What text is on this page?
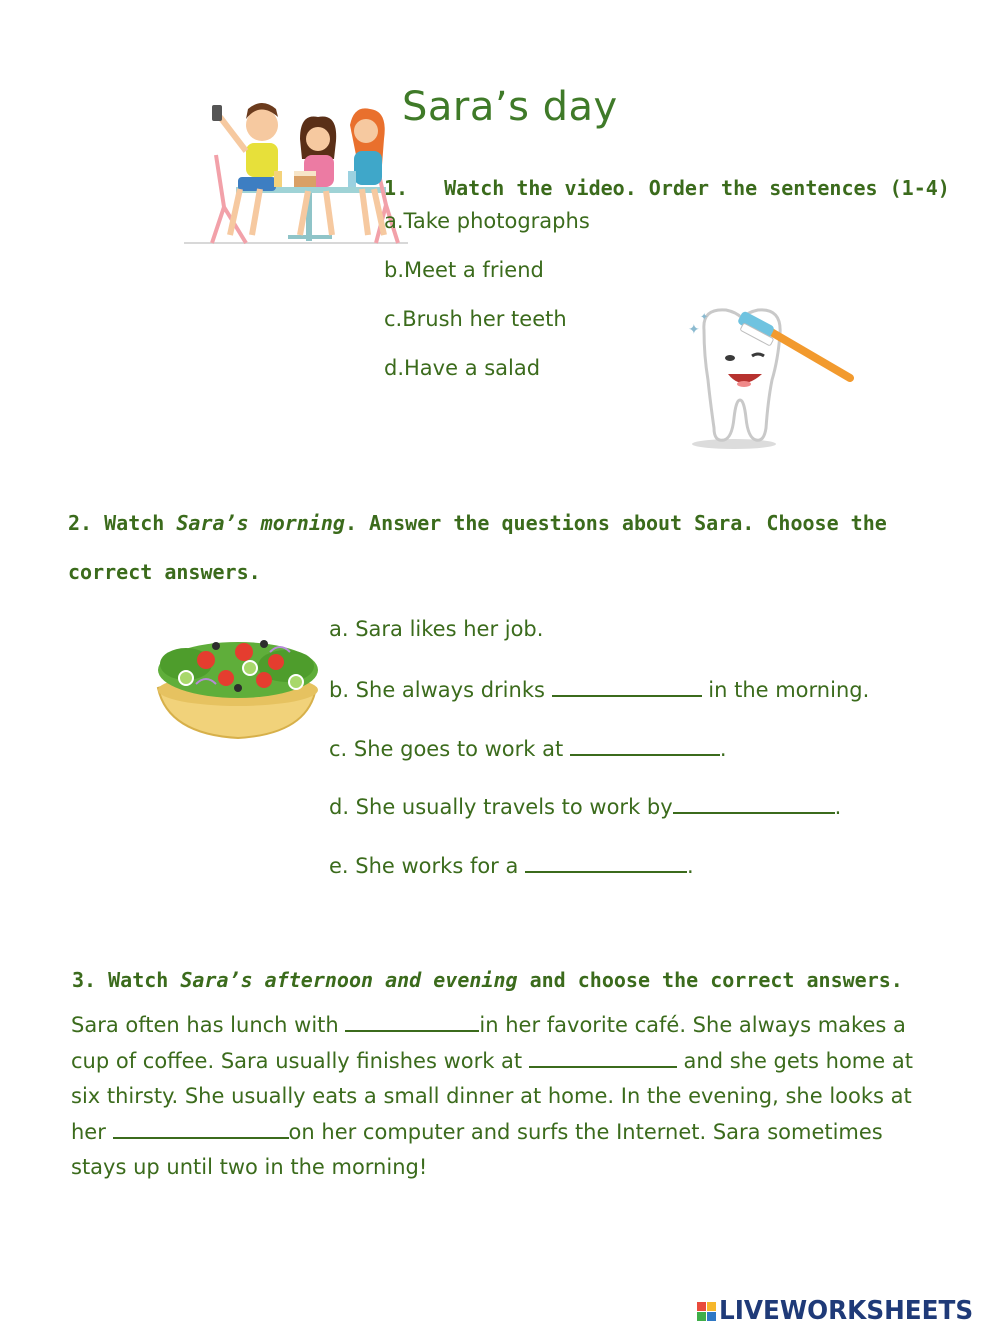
Sara’s day
1. Watch the video. Order the sentences (1-4)
a.Take photographs
b.Meet a friend
c.Brush her teeth
d.Have a salad
✦
✦
2. Watch Sara’s morning. Answer the questions about Sara. Choose the
correct answers.
a. Sara likes her job.
b. She always drinks	in the morning.
c. She goes to work at	.
d. She usually travels to work by	.
e. She works for a	.
3. Watch Sara’s afternoon and evening and choose the correct answers.
Sara often has lunch with	in her favorite café. She always makes a
cup of coffee. Sara usually finishes work at	and she gets home at
six thirsty. She usually eats a small dinner at home. In the evening, she looks at
her	on her computer and surfs the Internet. Sara sometimes
stays up until two in the morning!
LIVEWORKSHEETS
